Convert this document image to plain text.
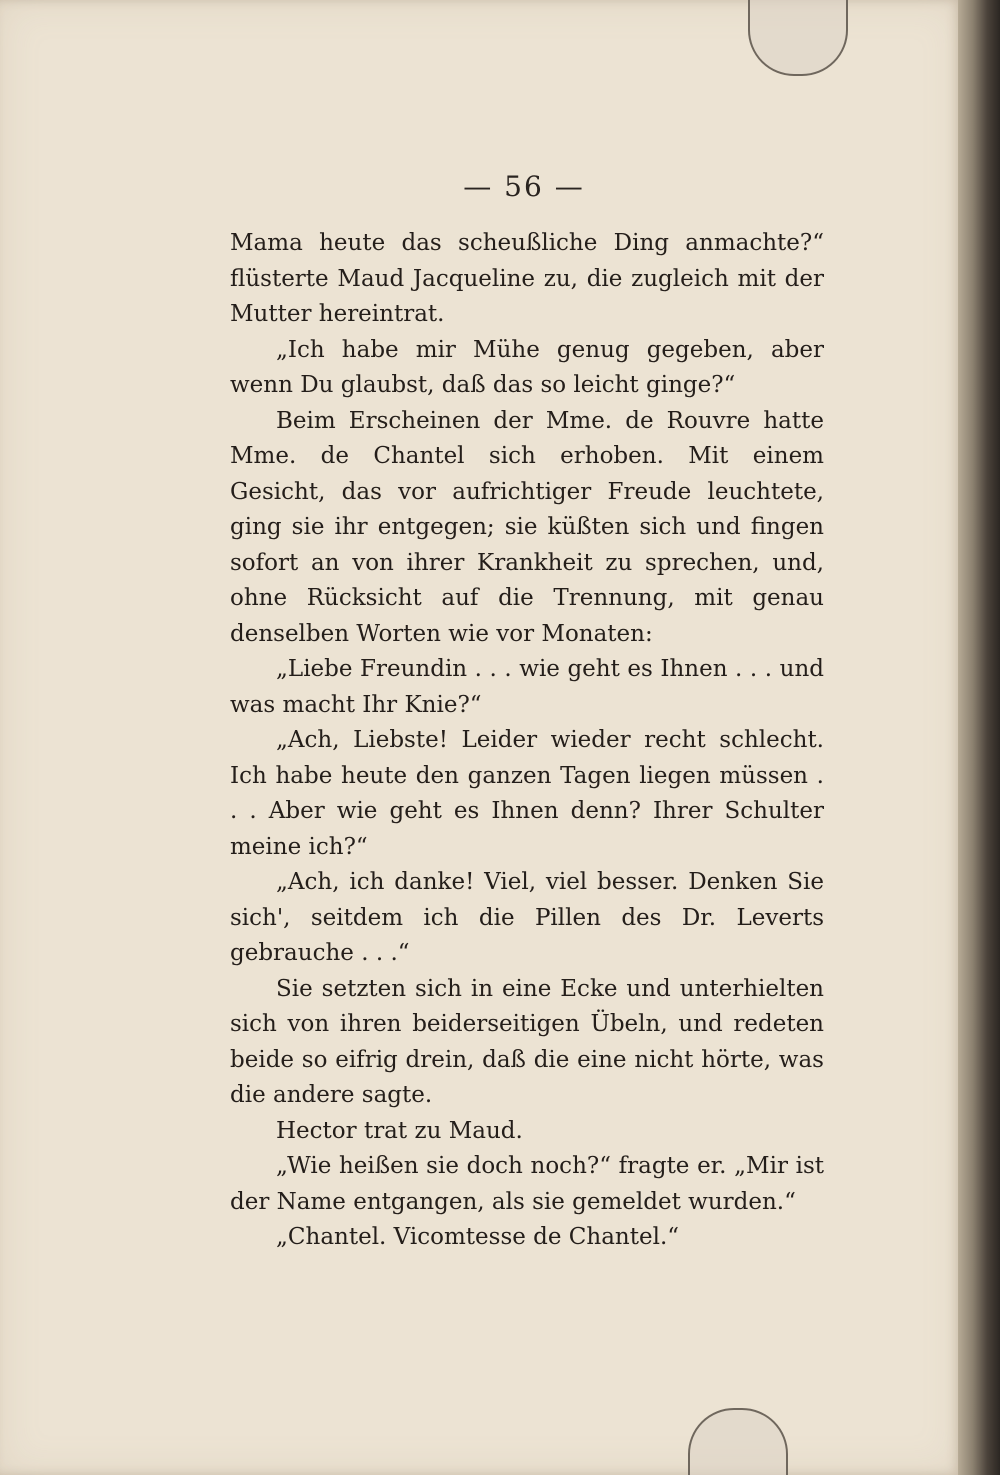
— 56 —

Mama heute das scheußliche Ding anmachte?“ flüsterte Maud Jacqueline zu, die zugleich mit der Mutter hereintrat.

„Ich habe mir Mühe genug gegeben, aber wenn Du glaubst, daß das so leicht ginge?“

Beim Erscheinen der Mme. de Rouvre hatte Mme. de Chantel sich erhoben. Mit einem Gesicht, das vor aufrichtiger Freude leuchtete, ging sie ihr entgegen; sie küßten sich und fingen sofort an von ihrer Krankheit zu sprechen, und, ohne Rücksicht auf die Trennung, mit genau denselben Worten wie vor Monaten:

„Liebe Freundin . . . wie geht es Ihnen . . . und was macht Ihr Knie?“

„Ach, Liebste! Leider wieder recht schlecht. Ich habe heute den ganzen Tagen liegen müssen . . . Aber wie geht es Ihnen denn? Ihrer Schulter meine ich?“

„Ach, ich danke! Viel, viel besser. Denken Sie sich', seitdem ich die Pillen des Dr. Leverts gebrauche . . .“

Sie setzten sich in eine Ecke und unterhielten sich von ihren beiderseitigen Übeln, und redeten beide so eifrig drein, daß die eine nicht hörte, was die andere sagte.

Hector trat zu Maud.

„Wie heißen sie doch noch?“ fragte er. „Mir ist der Name entgangen, als sie gemeldet wurden.“

„Chantel. Vicomtesse de Chantel.“
